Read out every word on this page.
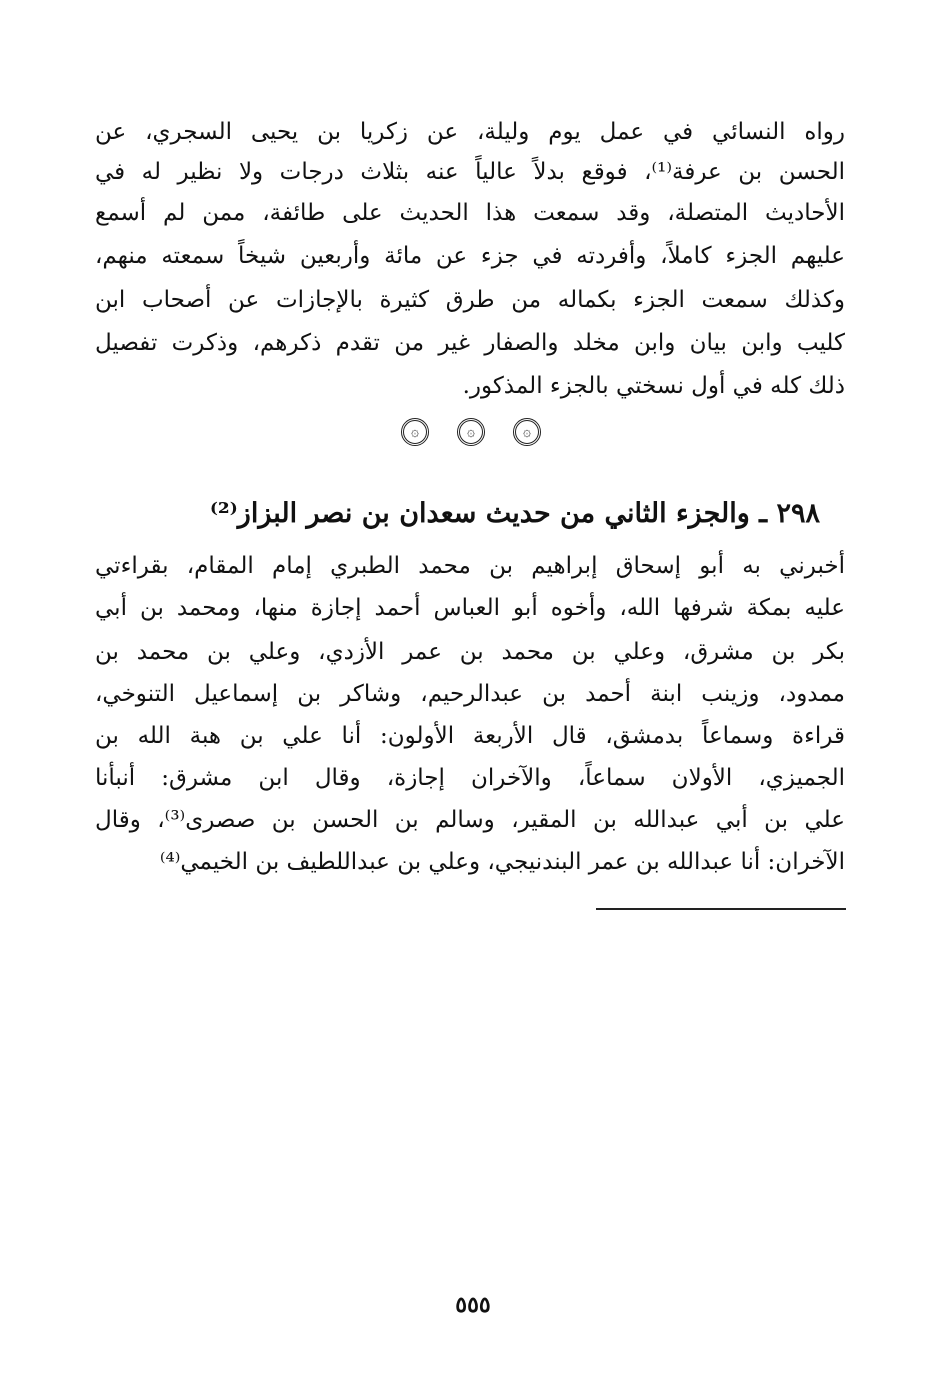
رواه النسائي في عمل يوم وليلة، عن زكريا بن يحيى السجري، عن
الحسن بن عرفة⁽¹⁾، فوقع بدلاً عالياً عنه بثلاث درجات ولا نظير له في
الأحاديث المتصلة، وقد سمعت هذا الحديث على طائفة، ممن لم أسمع
عليهم الجزء كاملاً، وأفردته في جزء عن مائة وأربعين شيخاً سمعته منهم،
وكذلك سمعت الجزء بكماله من طرق كثيرة بالإجازات عن أصحاب ابن
كليب وابن بيان وابن مخلد والصفار غير من تقدم ذكرهم، وذكرت تفصيل
ذلك كله في أول نسختي بالجزء المذكور.
۞	۞	۞
٢٩٨ ـ والجزء الثاني من حديث سعدان بن نصر البزاز⁽²⁾
أخبرني به أبو إسحاق إبراهيم بن محمد الطبري إمام المقام، بقراءتي
عليه بمكة شرفها الله، وأخوه أبو العباس أحمد إجازة منها، ومحمد بن أبي
بكر بن مشرق، وعلي بن محمد بن عمر الأزدي، وعلي بن محمد بن
ممدود، وزينب ابنة أحمد بن عبدالرحيم، وشاكر بن إسماعيل التنوخي،
قراءة وسماعاً بدمشق، قال الأربعة الأولون: أنا علي بن هبة الله بن
الجميزي، الأولان سماعاً، والآخران إجازة، وقال ابن مشرق: أنبأنا
علي بن أبي عبدالله بن المقير، وسالم بن الحسن بن صصرى⁽³⁾، وقال
الآخران: أنا عبدالله بن عمر البندنيجي، وعلي بن عبداللطيف بن الخيمي⁽⁴⁾
٥٥٥
